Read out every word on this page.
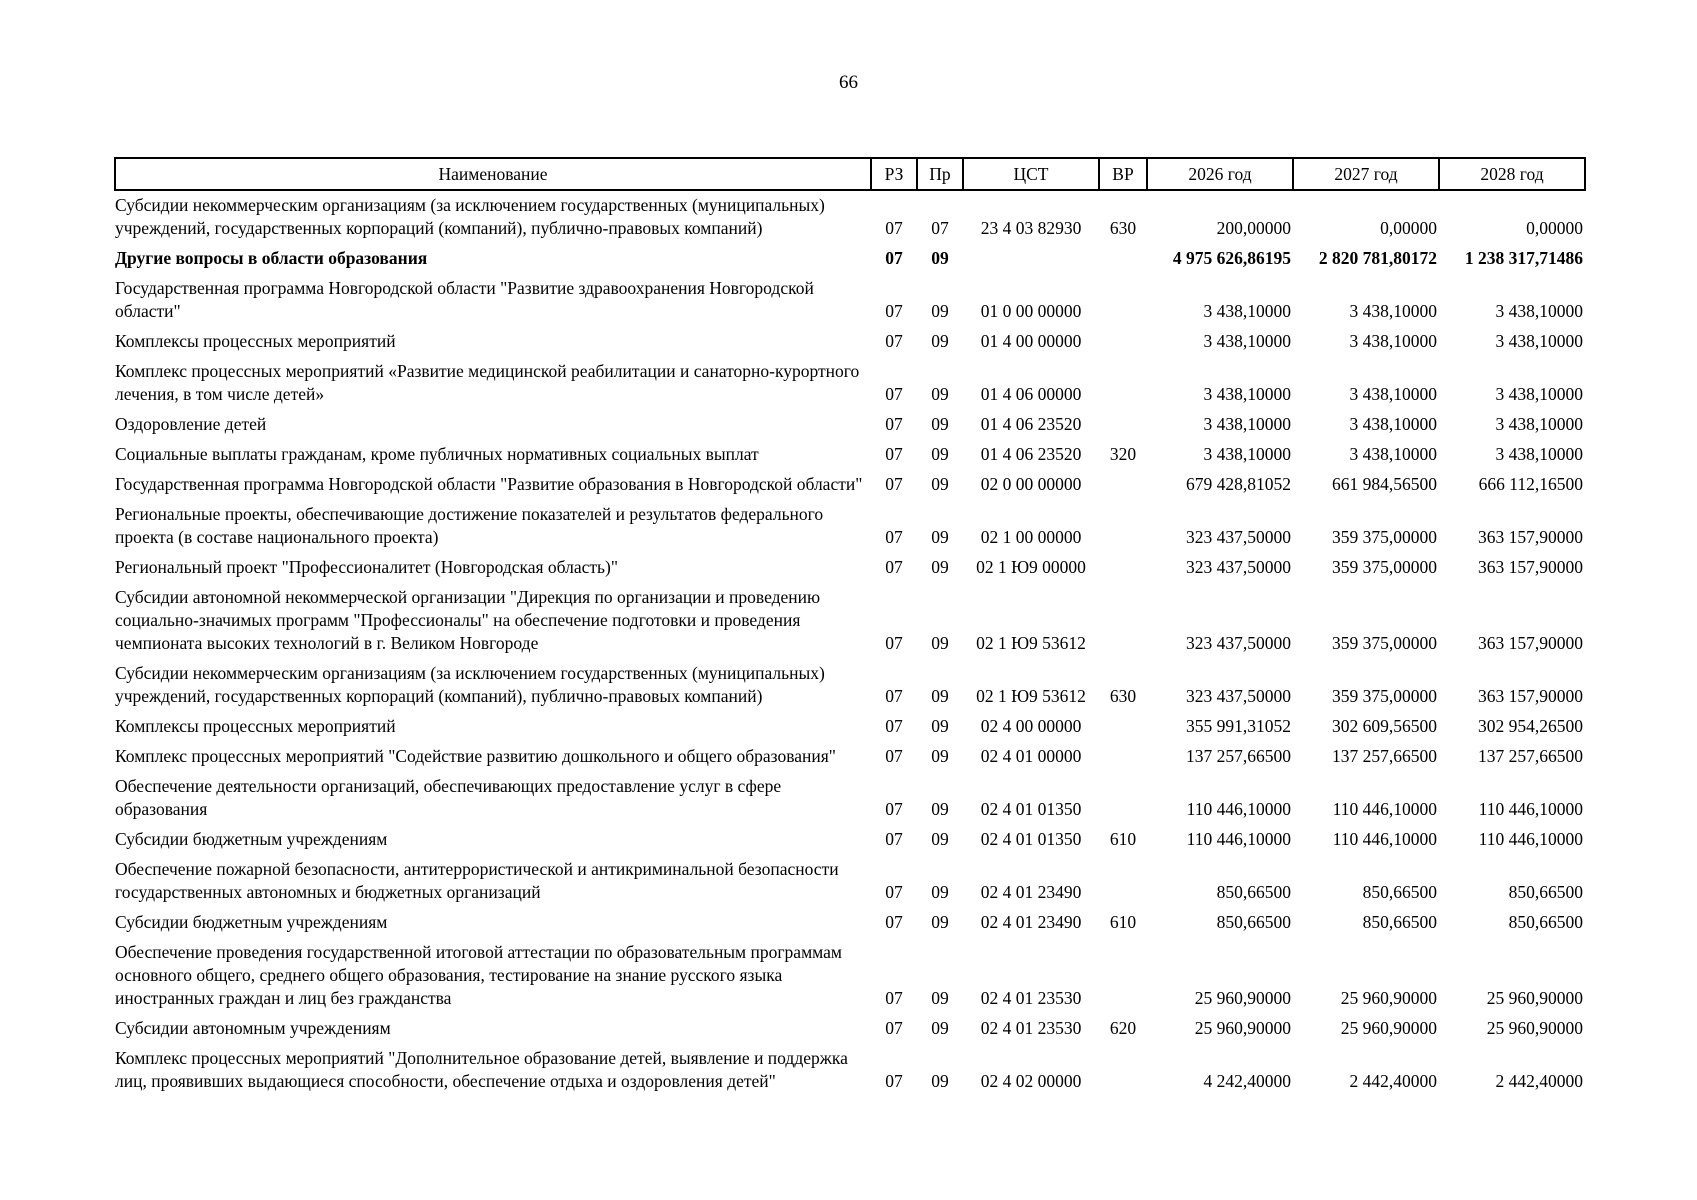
66
Наименование	РЗ	Пр	ЦСТ	ВР	2026 год	2027 год	2028 год
Субсидии некоммерческим организациям (за исключением государственных (муниципальных) учреждений, государственных корпораций (компаний), публично-правовых компаний)	07	07	23 4 03 82930	630	200,00000	0,00000	0,00000
Другие вопросы в области образования	07	09			4 975 626,86195	2 820 781,80172	1 238 317,71486
Государственная программа Новгородской области "Развитие здравоохранения Новгородской области"	07	09	01 0 00 00000		3 438,10000	3 438,10000	3 438,10000
Комплексы процессных мероприятий	07	09	01 4 00 00000		3 438,10000	3 438,10000	3 438,10000
Комплекс процессных мероприятий «Развитие медицинской реабилитации и санаторно-курортного лечения, в том числе детей»	07	09	01 4 06 00000		3 438,10000	3 438,10000	3 438,10000
Оздоровление детей	07	09	01 4 06 23520		3 438,10000	3 438,10000	3 438,10000
Социальные выплаты гражданам, кроме публичных нормативных социальных выплат	07	09	01 4 06 23520	320	3 438,10000	3 438,10000	3 438,10000
Государственная программа Новгородской области "Развитие образования в Новгородской области"	07	09	02 0 00 00000		679 428,81052	661 984,56500	666 112,16500
Региональные проекты, обеспечивающие достижение показателей и результатов федерального проекта (в составе национального проекта)	07	09	02 1 00 00000		323 437,50000	359 375,00000	363 157,90000
Региональный проект "Профессионалитет (Новгородская область)"	07	09	02 1 Ю9 00000		323 437,50000	359 375,00000	363 157,90000
Субсидии автономной некоммерческой организации "Дирекция по организации и проведению социально-значимых программ "Профессионалы" на обеспечение подготовки и проведения чемпионата высоких технологий в г. Великом Новгороде	07	09	02 1 Ю9 53612		323 437,50000	359 375,00000	363 157,90000
Субсидии некоммерческим организациям (за исключением государственных (муниципальных) учреждений, государственных корпораций (компаний), публично-правовых компаний)	07	09	02 1 Ю9 53612	630	323 437,50000	359 375,00000	363 157,90000
Комплексы процессных мероприятий	07	09	02 4 00 00000		355 991,31052	302 609,56500	302 954,26500
Комплекс процессных мероприятий "Содействие развитию дошкольного и общего образования"	07	09	02 4 01 00000		137 257,66500	137 257,66500	137 257,66500
Обеспечение деятельности организаций, обеспечивающих предоставление услуг в сфере образования	07	09	02 4 01 01350		110 446,10000	110 446,10000	110 446,10000
Субсидии бюджетным учреждениям	07	09	02 4 01 01350	610	110 446,10000	110 446,10000	110 446,10000
Обеспечение пожарной безопасности, антитеррористической и антикриминальной безопасности государственных автономных и бюджетных организаций	07	09	02 4 01 23490		850,66500	850,66500	850,66500
Субсидии бюджетным учреждениям	07	09	02 4 01 23490	610	850,66500	850,66500	850,66500
Обеспечение проведения государственной итоговой аттестации по образовательным программам основного общего, среднего общего образования, тестирование на знание русского языка иностранных граждан и лиц без гражданства	07	09	02 4 01 23530		25 960,90000	25 960,90000	25 960,90000
Субсидии автономным учреждениям	07	09	02 4 01 23530	620	25 960,90000	25 960,90000	25 960,90000
Комплекс процессных мероприятий "Дополнительное образование детей, выявление и поддержка лиц, проявивших выдающиеся способности, обеспечение отдыха и оздоровления детей"	07	09	02 4 02 00000		4 242,40000	2 442,40000	2 442,40000
